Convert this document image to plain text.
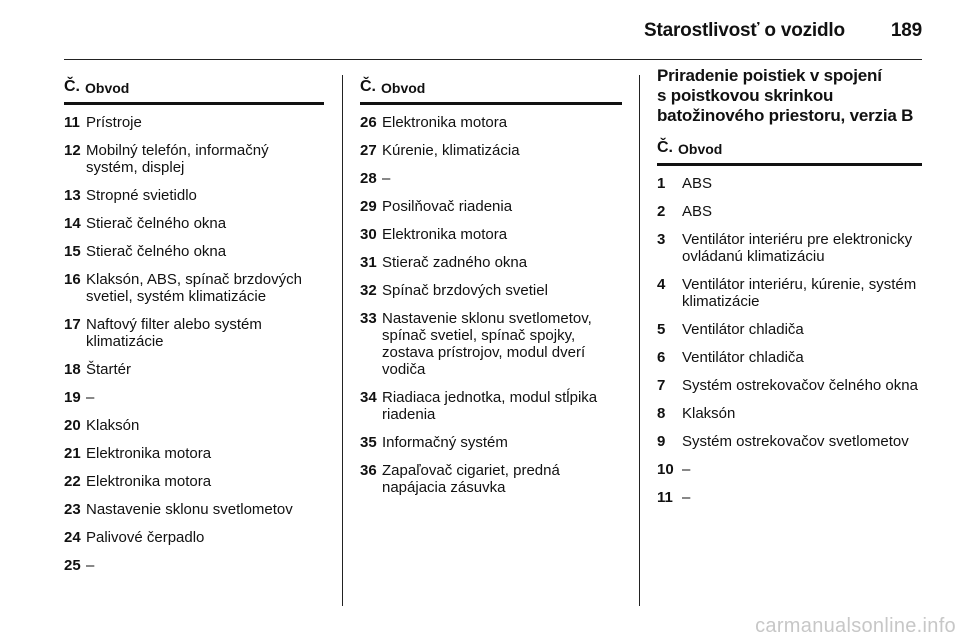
Starostlivosť o vozidlo 189
Č. Obvod
11 Prístroje
12 Mobilný telefón, informačný systém, displej
13 Stropné svietidlo
14 Stierač čelného okna
15 Stierač čelného okna
16 Klaksón, ABS, spínač brzdových svetiel, systém klimatizácie
17 Naftový filter alebo systém klimatizácie
18 Štartér
19 –
20 Klaksón
21 Elektronika motora
22 Elektronika motora
23 Nastavenie sklonu svetlometov
24 Palivové čerpadlo
25 –
Č. Obvod
26 Elektronika motora
27 Kúrenie, klimatizácia
28 –
29 Posilňovač riadenia
30 Elektronika motora
31 Stierač zadného okna
32 Spínač brzdových svetiel
33 Nastavenie sklonu svetlometov, spínač svetiel, spínač spojky, zostava prístrojov, modul dverí vodiča
34 Riadiaca jednotka, modul stĺpika riadenia
35 Informačný systém
36 Zapaľovač cigariet, predná napájacia zásuvka
Priradenie poistiek v spojení
s poistkovou skrinkou
batožinového priestoru, verzia B
Č. Obvod
1	ABS
2	ABS
3	Ventilátor interiéru pre elektronicky ovládanú klimatizáciu
4	Ventilátor interiéru, kúrenie, systém klimatizácie
5	Ventilátor chladiča
6	Ventilátor chladiča
7	Systém ostrekovačov čelného okna
8	Klaksón
9	Systém ostrekovačov svetlometov
10 –
11 –
carmanualsonline.info
